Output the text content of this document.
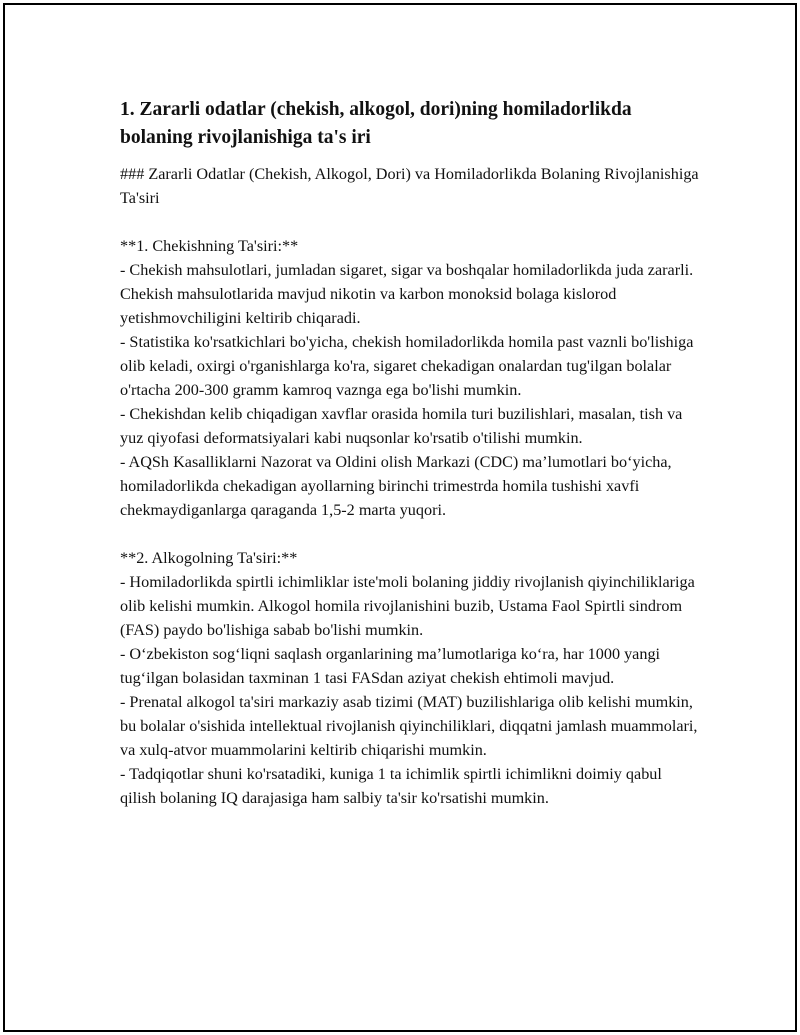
1. Zararli odatlar (chekish, alkogol, dori)ning homiladorlikda bolaning rivojlanishiga ta's iri

### Zararli Odatlar (Chekish, Alkogol, Dori) va Homiladorlikda Bolaning Rivojlanishiga Ta'siri

**1. Chekishning Ta'siri:**

- Chekish mahsulotlari, jumladan sigaret, sigar va boshqalar homiladorlikda juda zararli. Chekish mahsulotlarida mavjud nikotin va karbon monoksid bolaga kislorod yetishmovchiligini keltirib chiqaradi.

- Statistika ko'rsatkichlari bo'yicha, chekish homiladorlikda homila past vaznli bo'lishiga olib keladi, oxirgi o'rganishlarga ko'ra, sigaret chekadigan onalardan tug'ilgan bolalar o'rtacha 200-300 gramm kamroq vaznga ega bo'lishi mumkin.

- Chekishdan kelib chiqadigan xavflar orasida homila turi buzilishlari, masalan, tish va yuz qiyofasi deformatsiyalari kabi nuqsonlar ko'rsatib o'tilishi mumkin.

- AQSh Kasalliklarni Nazorat va Oldini olish Markazi (CDC) ma’lumotlari bo‘yicha, homiladorlikda chekadigan ayollarning birinchi trimestrda homila tushishi xavfi chekmaydiganlarga qaraganda 1,5-2 marta yuqori.

**2. Alkogolning Ta'siri:**

- Homiladorlikda spirtli ichimliklar iste'moli bolaning jiddiy rivojlanish qiyinchiliklariga olib kelishi mumkin. Alkogol homila rivojlanishini buzib, Ustama Faol Spirtli sindrom (FAS) paydo bo'lishiga sabab bo'lishi mumkin.

- O‘zbekiston sog‘liqni saqlash organlarining ma’lumotlariga ko‘ra, har 1000 yangi tug‘ilgan bolasidan taxminan 1 tasi FASdan aziyat chekish ehtimoli mavjud.

- Prenatal alkogol ta'siri markaziy asab tizimi (MAT) buzilishlariga olib kelishi mumkin, bu bolalar o'sishida intellektual rivojlanish qiyinchiliklari, diqqatni jamlash muammolari, va xulq-atvor muammolarini keltirib chiqarishi mumkin.

- Tadqiqotlar shuni ko'rsatadiki, kuniga 1 ta ichimlik spirtli ichimlikni doimiy qabul qilish bolaning IQ darajasiga ham salbiy ta'sir ko'rsatishi mumkin.
